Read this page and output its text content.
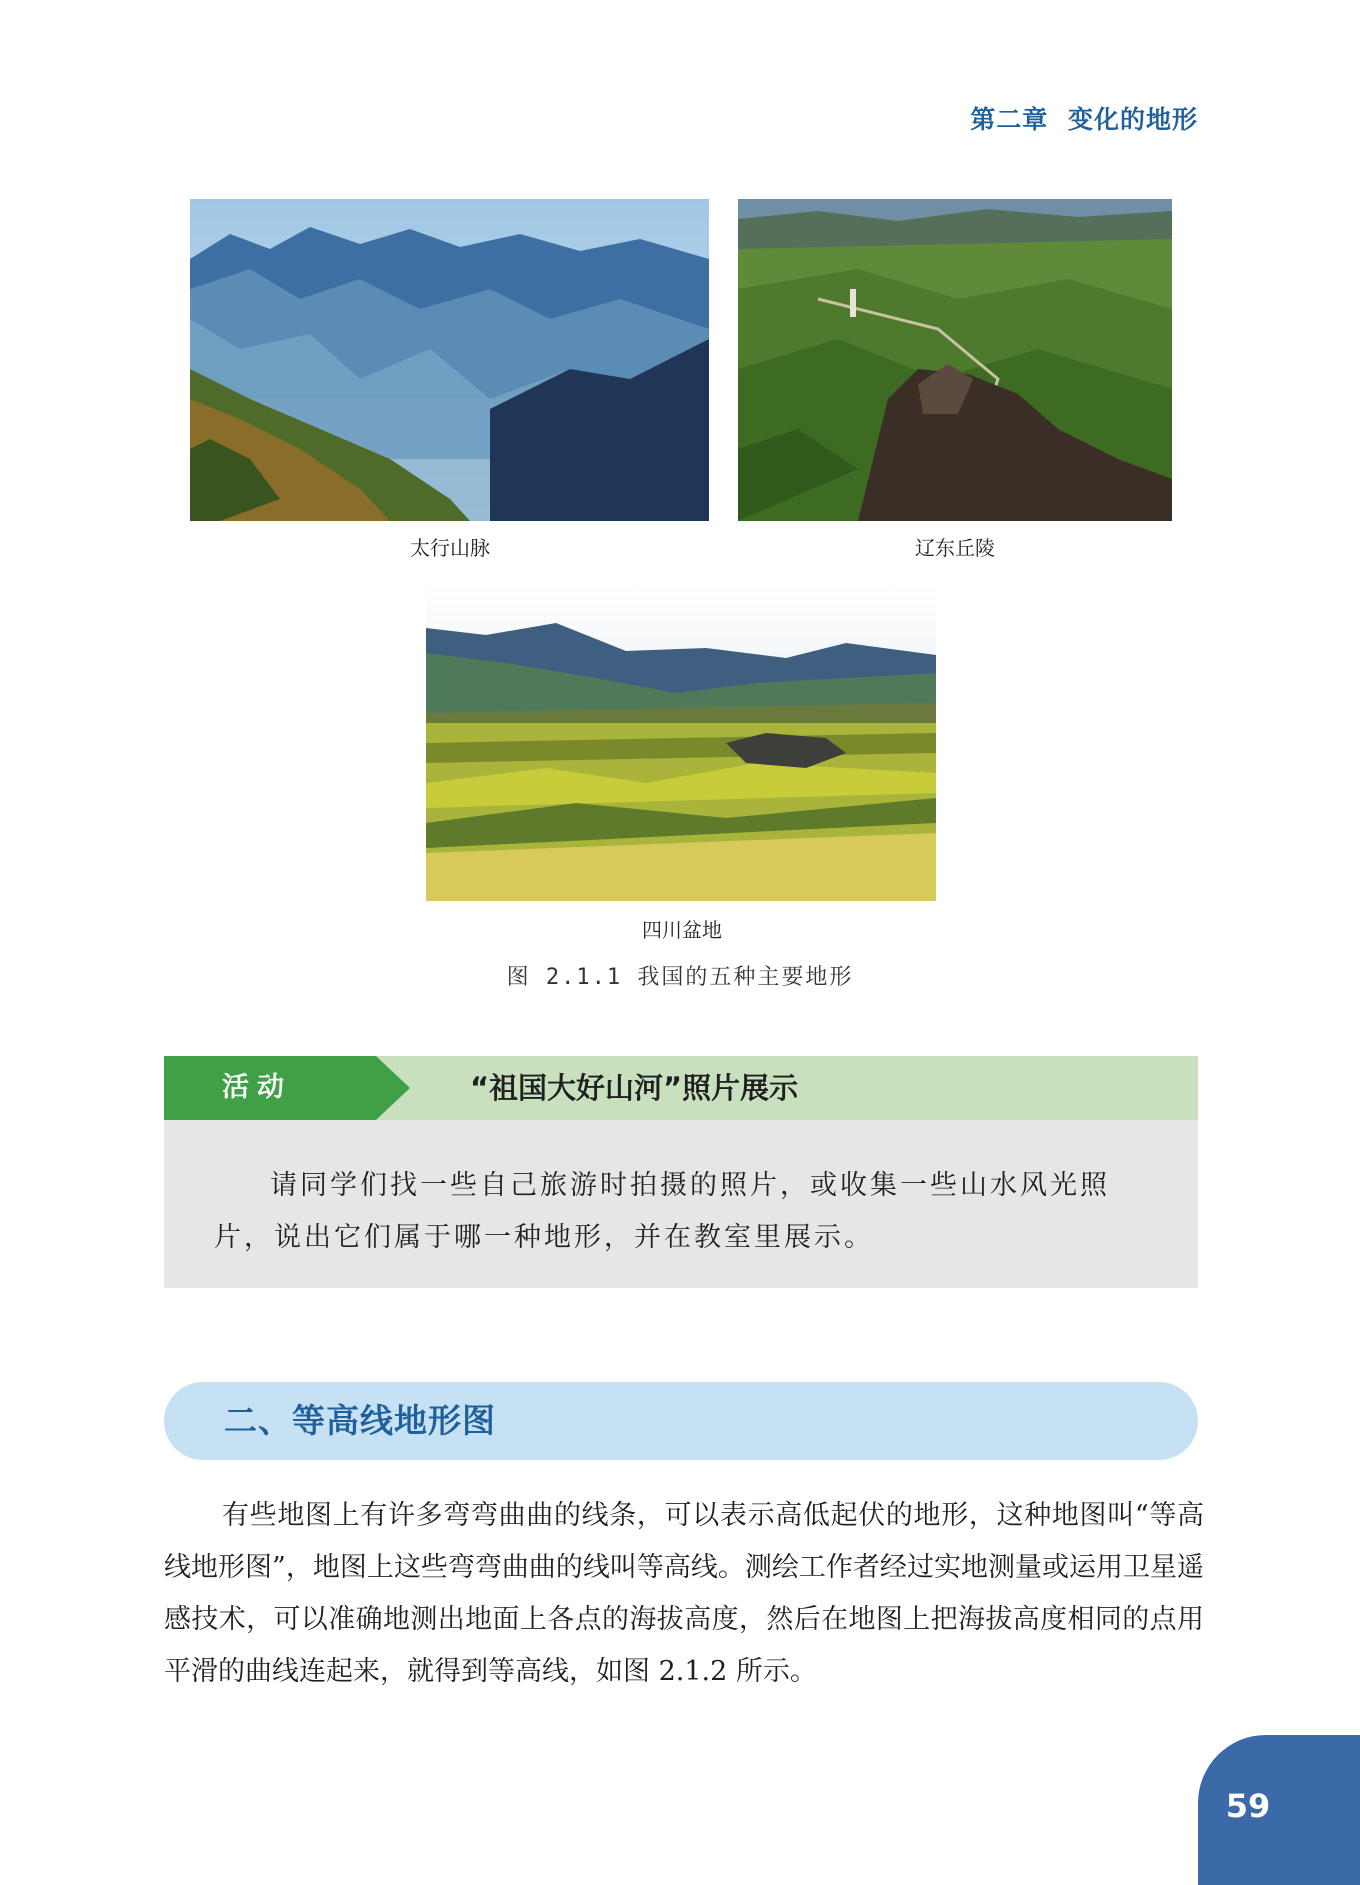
第二章 变化的地形
太行山脉	辽东丘陵
四川盆地
图 2.1.1 我国的五种主要地形
活动	“祖国大好山河”照片展示

请同学们找一些自己旅游时拍摄的照片，或收集一些山水风光照片，说出它们属于哪一种地形，并在教室里展示。

二、等高线地形图

有些地图上有许多弯弯曲曲的线条，可以表示高低起伏的地形，这种地图叫“等高线地形图”，地图上这些弯弯曲曲的线叫等高线。测绘工作者经过实地测量或运用卫星遥感技术，可以准确地测出地面上各点的海拔高度，然后在地图上把海拔高度相同的点用平滑的曲线连起来，就得到等高线，如图 2.1.2 所示。

59
